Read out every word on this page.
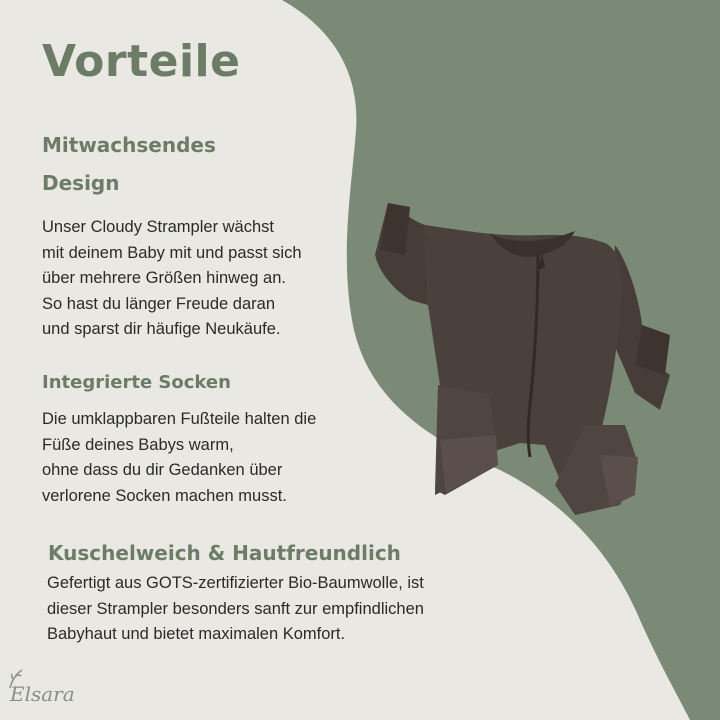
Vorteile
Mitwachsendes Design
Unser Cloudy Strampler wächst
mit deinem Baby mit und passt sich
über mehrere Größen hinweg an.
So hast du länger Freude daran
und sparst dir häufige Neukäufe.
Integrierte Socken
Die umklappbaren Fußteile halten die
Füße deines Babys warm,
ohne dass du dir Gedanken über
verlorene Socken machen musst.
Kuschelweich & Hautfreundlich
Gefertigt aus GOTS-zertifizierter Bio-Baumwolle, ist
dieser Strampler besonders sanft zur empfindlichen
Babyhaut und bietet maximalen Komfort.
Elsara
